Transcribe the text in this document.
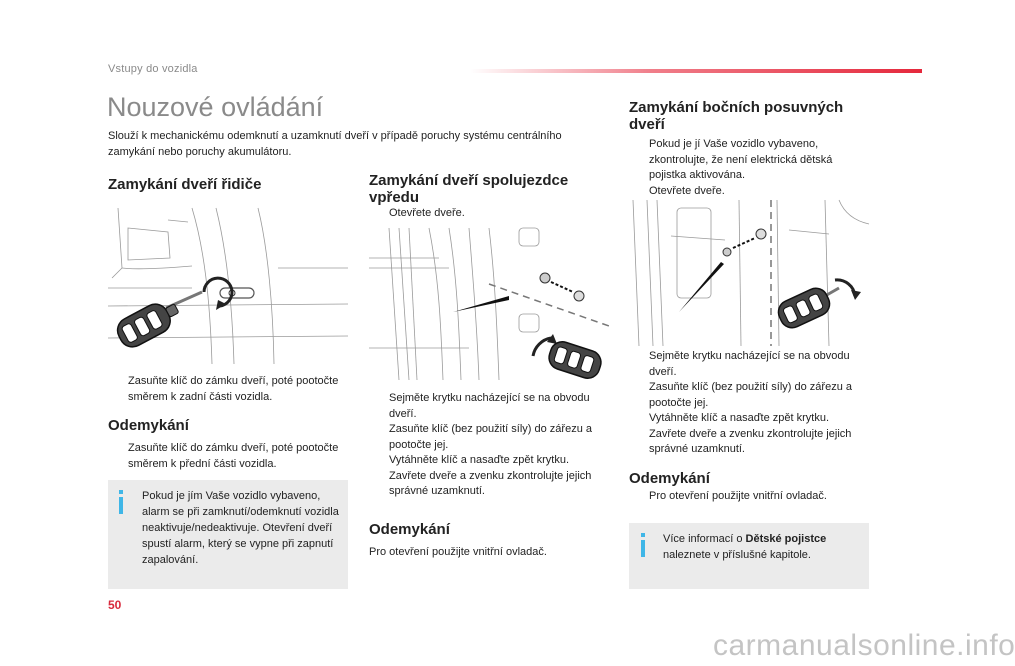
Vstupy do vozidla
Nouzové ovládání
Slouží k mechanickému odemknutí a uzamknutí dveří v případě poruchy systému centrálního zamykání nebo poruchy akumulátoru.
Zamykání dveří řidiče
Zasuňte klíč do zámku dveří, poté pootočte směrem k zadní části vozidla.
Odemykání
Zasuňte klíč do zámku dveří, poté pootočte směrem k přední části vozidla.
Pokud je jím Vaše vozidlo vybaveno, alarm se při zamknutí/odemknutí vozidla neaktivuje/nedeaktivuje. Otevření dveří spustí alarm, který se vypne při zapnutí zapalování.
Zamykání dveří spolujezdce vpředu
Otevřete dveře.
Sejměte krytku nacházející se na obvodu dveří.
Zasuňte klíč (bez použití síly) do zářezu a pootočte jej.
Vytáhněte klíč a nasaďte zpět krytku.
Zavřete dveře a zvenku zkontrolujte jejich správné uzamknutí.
Odemykání
Pro otevření použijte vnitřní ovladač.
Zamykání bočních posuvných dveří
Pokud je jí Vaše vozidlo vybaveno, zkontrolujte, že není elektrická dětská pojistka aktivována.
Otevřete dveře.
Sejměte krytku nacházející se na obvodu dveří.
Zasuňte klíč (bez použití síly) do zářezu a pootočte jej.
Vytáhněte klíč a nasaďte zpět krytku.
Zavřete dveře a zvenku zkontrolujte jejich správné uzamknutí.
Odemykání
Pro otevření použijte vnitřní ovladač.
Více informací o Dětské pojistce
naleznete v příslušné kapitole.
50
carmanualsonline.info
